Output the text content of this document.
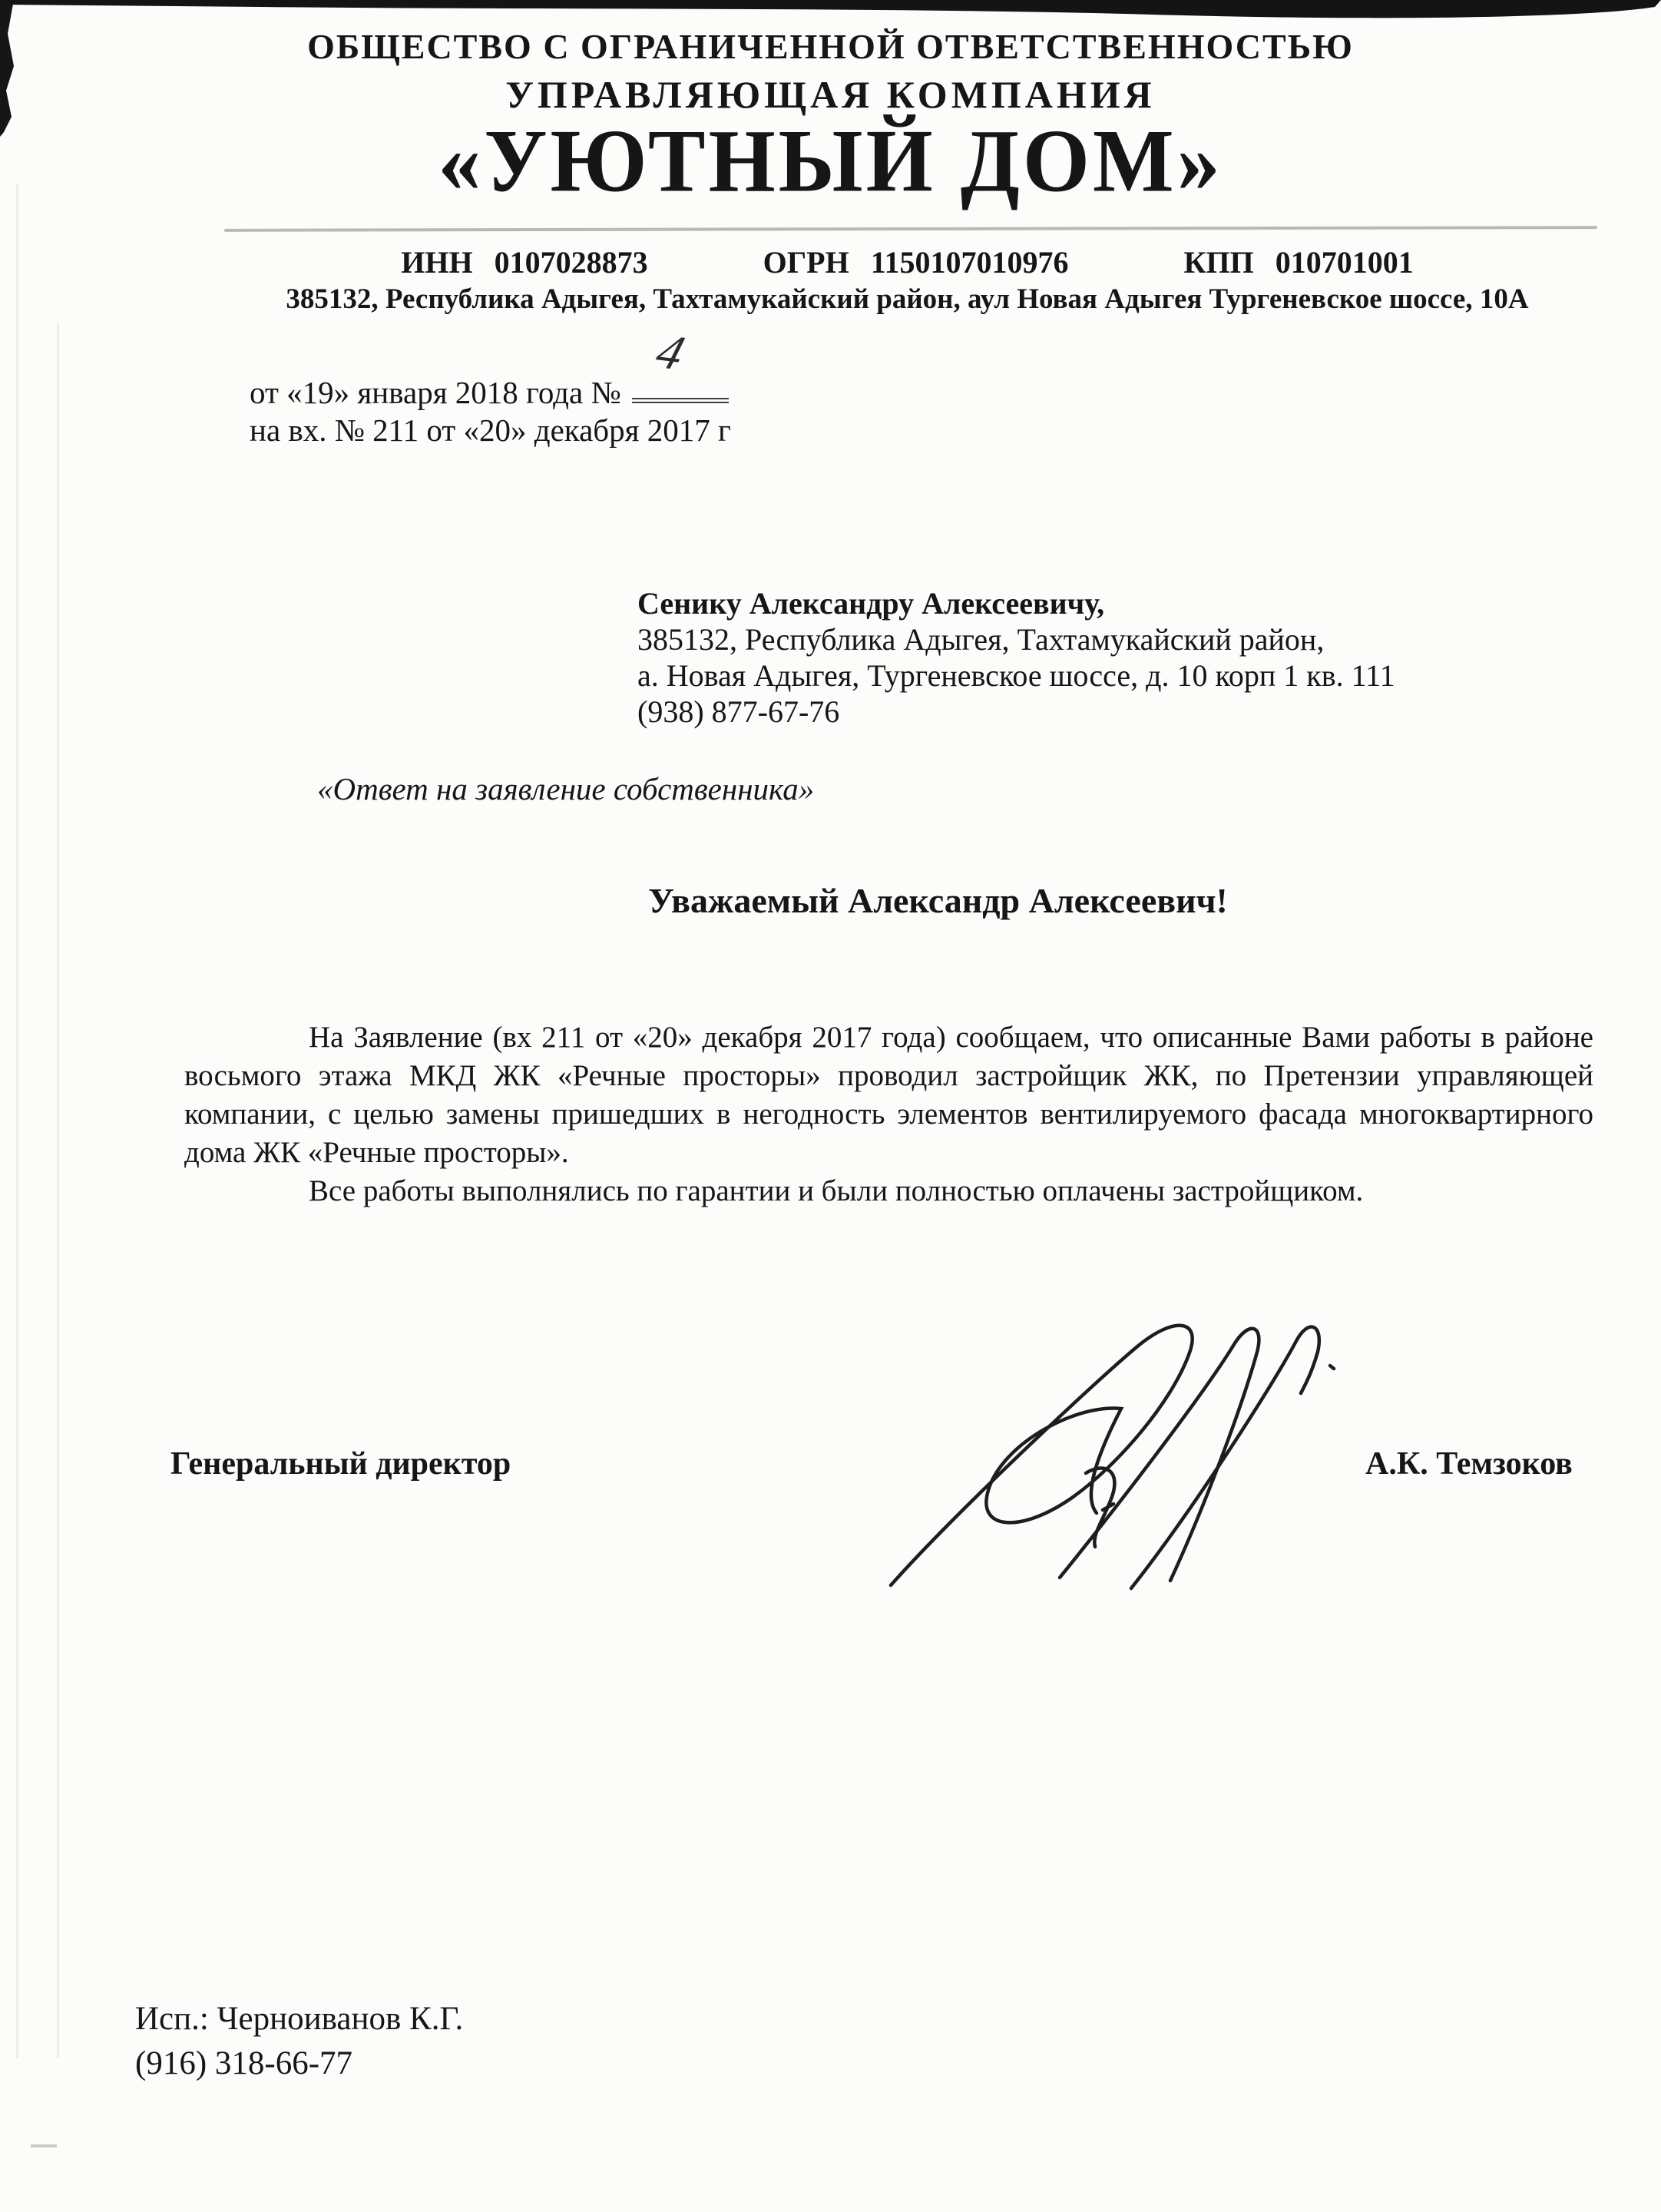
ОБЩЕСТВО С ОГРАНИЧЕННОЙ ОТВЕТСТВЕННОСТЬЮ
УПРАВЛЯЮЩАЯ КОМПАНИЯ
«УЮТНЫЙ ДОМ»
ИНН 0107028873	ОГРН 1150107010976	КПП 010701001
385132, Республика Адыгея, Тахтамукайский район, аул Новая Адыгея Тургеневское шоссе, 10А
от «19» января 2018 года №
4
на вх. № 211 от «20» декабря 2017 г
Сенику Александру Алексеевичу,
385132, Республика Адыгея, Тахтамукайский район,
а. Новая Адыгея, Тургеневское шоссе, д. 10 корп 1 кв. 111
(938) 877-67-76
«Ответ на заявление собственника»
Уважаемый Александр Алексеевич!

На Заявление (вх 211 от «20» декабря 2017 года) сообщаем, что описанные Вами работы в районе восьмого этажа МКД ЖК «Речные просторы» проводил застройщик ЖК, по Претензии управляющей компании, с целью замены пришедших в негодность элементов вентилируемого фасада многоквартирного дома ЖК «Речные просторы».

Все работы выполнялись по гарантии и были полностью оплачены застройщиком.

Генеральный директор	А.К. Темзоков
Исп.: Черноиванов К.Г.
(916) 318-66-77
